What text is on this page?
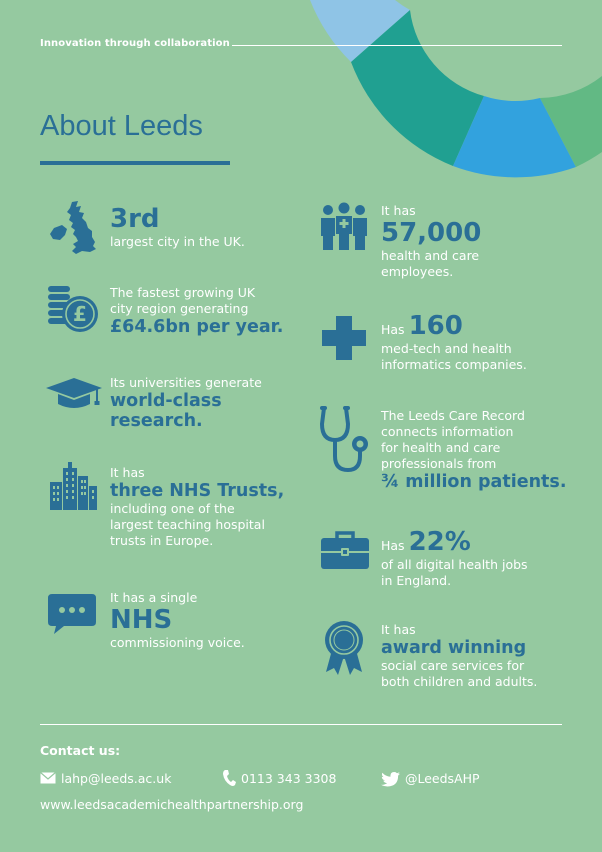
Innovation through collaboration
About Leeds
3rd
largest city in the UK.
£
The fastest growing UK
city region generating
£64.6bn per year.
Its universities generate
world-class
research.
It has
three NHS Trusts,
including one of the
largest teaching hospital
trusts in Europe.
It has a single
NHS
commissioning voice.
It has
57,000
health and care
employees.
Has 160
med-tech and health
informatics companies.
The Leeds Care Record
connects information
for health and care
professionals from
¾ million patients.
Has 22%
of all digital health jobs
in England.
It has
award winning
social care services for
both children and adults.
Contact us:
lahp@leeds.ac.uk	0113 343 3308	@LeedsAHP
www.leedsacademichealthpartnership.org
